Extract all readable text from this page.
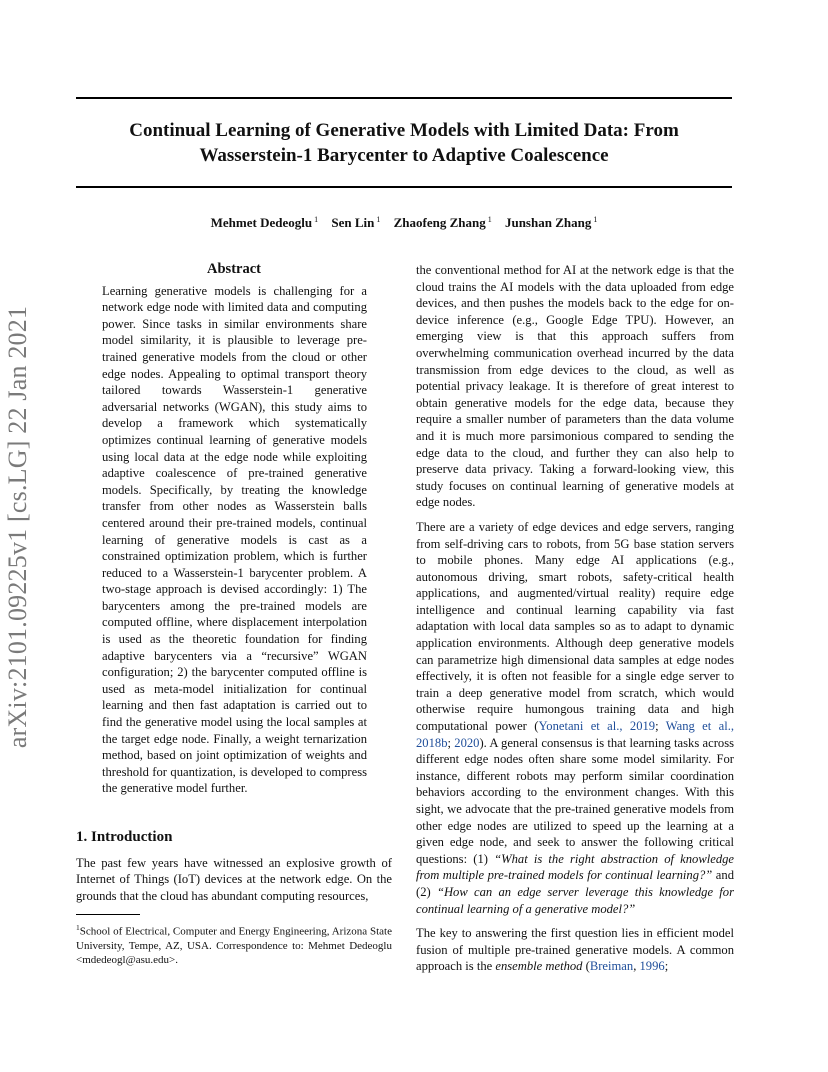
arXiv:2101.09225v1 [cs.LG] 22 Jan 2021
Continual Learning of Generative Models with Limited Data: From
Wasserstein-1 Barycenter to Adaptive Coalescence
Mehmet Dedeoglu $^1$ Sen Lin $^1$ Zhaofeng Zhang $^1$ Junshan Zhang $^1$
Abstract
Learning generative models is challenging for a network edge node with limited data and computing power. Since tasks in similar environments share model similarity, it is plausible to leverage pre-trained generative models from the cloud or other edge nodes. Appealing to optimal transport theory tailored towards Wasserstein-1 generative adversarial networks (WGAN), this study aims to develop a framework which systematically optimizes continual learning of generative models using local data at the edge node while exploiting adaptive coalescence of pre-trained generative models. Specifically, by treating the knowledge transfer from other nodes as Wasserstein balls centered around their pre-trained models, continual learning of generative models is cast as a constrained optimization problem, which is further reduced to a Wasserstein-1 barycenter problem. A two-stage approach is devised accordingly: 1) The barycenters among the pre-trained models are computed offline, where displacement interpolation is used as the theoretic foundation for finding adaptive barycenters via a “recursive” WGAN configuration; 2) the barycenter computed offline is used as meta-model initialization for continual learning and then fast adaptation is carried out to find the generative model using the local samples at the target edge node. Finally, a weight ternarization method, based on joint optimization of weights and threshold for quantization, is developed to compress the generative model further.
1. Introduction

The past few years have witnessed an explosive growth of Internet of Things (IoT) devices at the network edge. On the grounds that the cloud has abundant computing resources,

$^1$School of Electrical, Computer and Energy Engineering, Arizona State University, Tempe, AZ, USA. Correspondence to: Mehmet Dedeoglu <mdedeogl@asu.edu>.

the conventional method for AI at the network edge is that the cloud trains the AI models with the data uploaded from edge devices, and then pushes the models back to the edge for on-device inference (e.g., Google Edge TPU). However, an emerging view is that this approach suffers from overwhelming communication overhead incurred by the data transmission from edge devices to the cloud, as well as potential privacy leakage. It is therefore of great interest to obtain generative models for the edge data, because they require a smaller number of parameters than the data volume and it is much more parsimonious compared to sending the edge data to the cloud, and further they can also help to preserve data privacy. Taking a forward-looking view, this study focuses on continual learning of generative models at edge nodes.

There are a variety of edge devices and edge servers, ranging from self-driving cars to robots, from 5G base station servers to mobile phones. Many edge AI applications (e.g., autonomous driving, smart robots, safety-critical health applications, and augmented/virtual reality) require edge intelligence and continual learning capability via fast adaptation with local data samples so as to adapt to dynamic application environments. Although deep generative models can parametrize high dimensional data samples at edge nodes effectively, it is often not feasible for a single edge server to train a deep generative model from scratch, which would otherwise require humongous training data and high computational power (Yonetani et al., 2019; Wang et al., 2018b; 2020). A general consensus is that learning tasks across different edge nodes often share some model similarity. For instance, different robots may perform similar coordination behaviors according to the environment changes. With this sight, we advocate that the pre-trained generative models from other edge nodes are utilized to speed up the learning at a given edge node, and seek to answer the following critical questions: (1) “What is the right abstraction of knowledge from multiple pre-trained models for continual learning?” and (2) “How can an edge server leverage this knowledge for continual learning of a generative model?”

The key to answering the first question lies in efficient model fusion of multiple pre-trained generative models. A common approach is the ensemble method (Breiman, 1996;
